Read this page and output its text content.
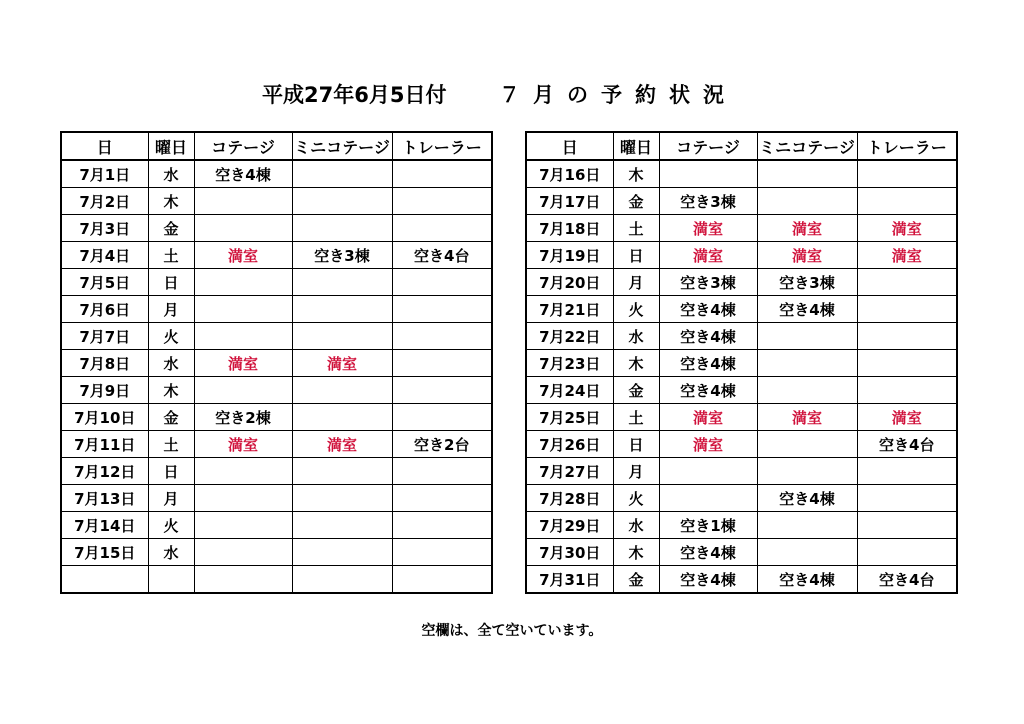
平成27年6月5日付	７月の予約状況
日	曜日	コテージ	ミニコテージ	トレーラー
7月1日	水	空き4棟		
7月2日	木			
7月3日	金			
7月4日	土	満室	空き3棟	空き4台
7月5日	日			
7月6日	月			
7月7日	火			
7月8日	水	満室	満室	
7月9日	木			
7月10日	金	空き2棟		
7月11日	土	満室	満室	空き2台
7月12日	日			
7月13日	月			
7月14日	火			
7月15日	水			

日	曜日	コテージ	ミニコテージ	トレーラー
7月16日	木			
7月17日	金	空き3棟		
7月18日	土	満室	満室	満室
7月19日	日	満室	満室	満室
7月20日	月	空き3棟	空き3棟	
7月21日	火	空き4棟	空き4棟	
7月22日	水	空き4棟		
7月23日	木	空き4棟		
7月24日	金	空き4棟		
7月25日	土	満室	満室	満室
7月26日	日	満室		空き4台
7月27日	月			
7月28日	火		空き4棟	
7月29日	水	空き1棟		
7月30日	木	空き4棟		
7月31日	金	空き4棟	空き4棟	空き4台
空欄は、全て空いています。
